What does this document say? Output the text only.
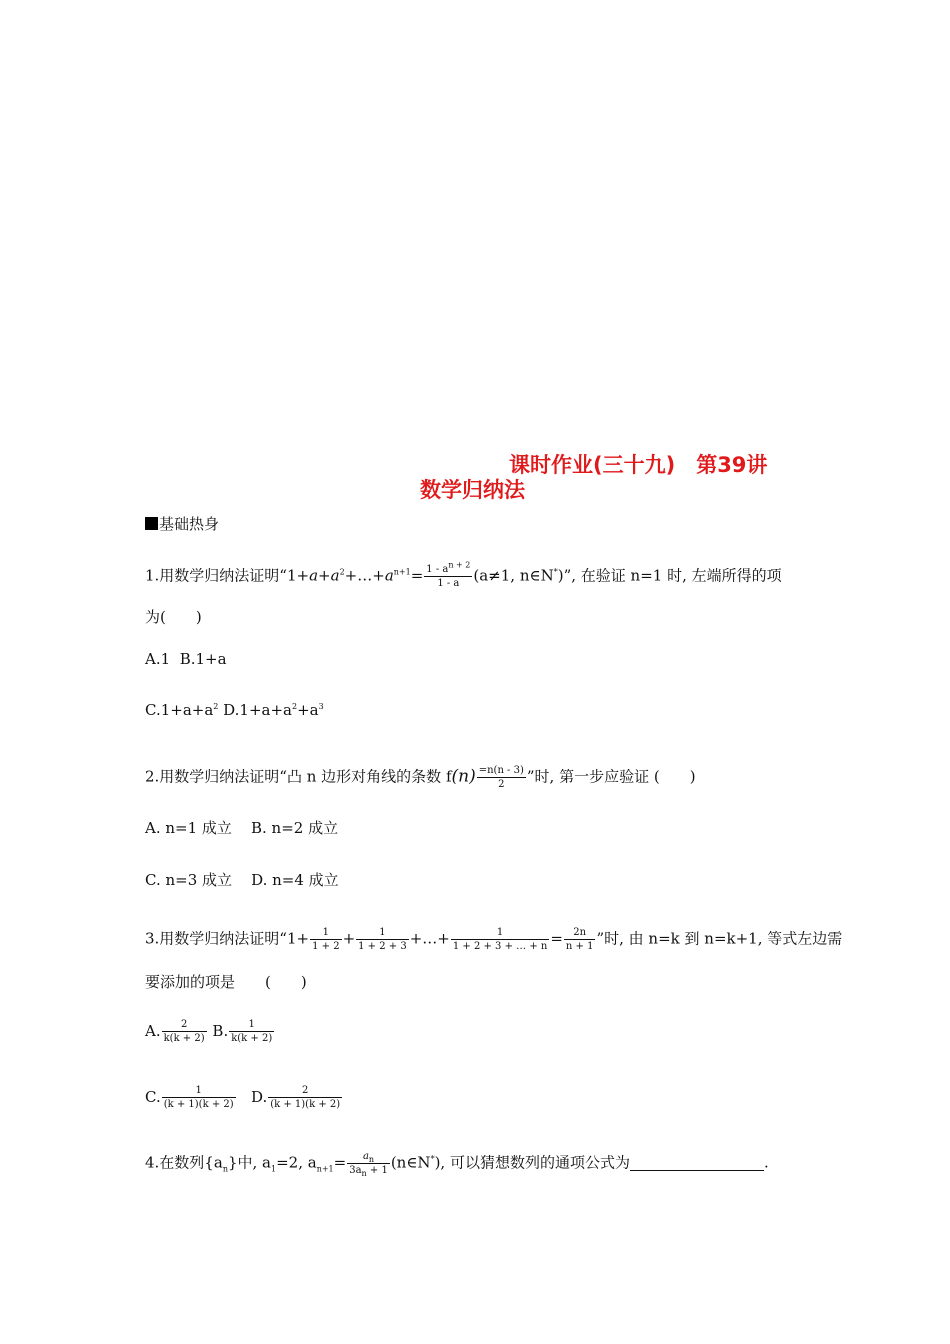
课时作业(三十九)　第39讲
数学归纳法
基础热身
1.用数学归纳法证明“$1+a+a^2+\dots+a^{n+1}= \frac{1 - a^{n + 2}}{1 - a} (a\ne 1$, n∈N*)”, 在验证 n=1 时, 左端所得的项
为(　　)
A.1 B.1+a
$C.1+a+a^2$ $D.1+a+a^2+a^3$
2.用数学归纳法证明“凸 n 边形对角线的条数 $f(n) \frac{=n(n - 3)}{2}$ ”时, 第一步应验证 (　　)
A. n=1 成立 B. n=2 成立
C. n=3 成立 D. n=4 成立
3.用数学归纳法证明“$1+ \frac{1}{1 + 2} + \frac{1}{1 + 2 + 3}$ +…+ $\frac{1}{1 + 2 + 3 + \dots + n} = \frac{2n}{n + 1}$ ”时, 由 n=k 到 n=k+1, 等式左边需
要添加的项是　　(　　)
A. $\frac{2}{k(k + 2)} B$. $\frac{1}{k(k + 2)}$
C. $\frac{1}{(k + 1)(k + 2)} D$. $\frac{2}{(k + 1)(k + 2)}$
4.在数列$\{a_n\}$中, $a_1=2$, $a_{n+1}= \frac{a_n}{3a_n + 1}$ (n∈N*), 可以猜想数列的通项公式为	.
